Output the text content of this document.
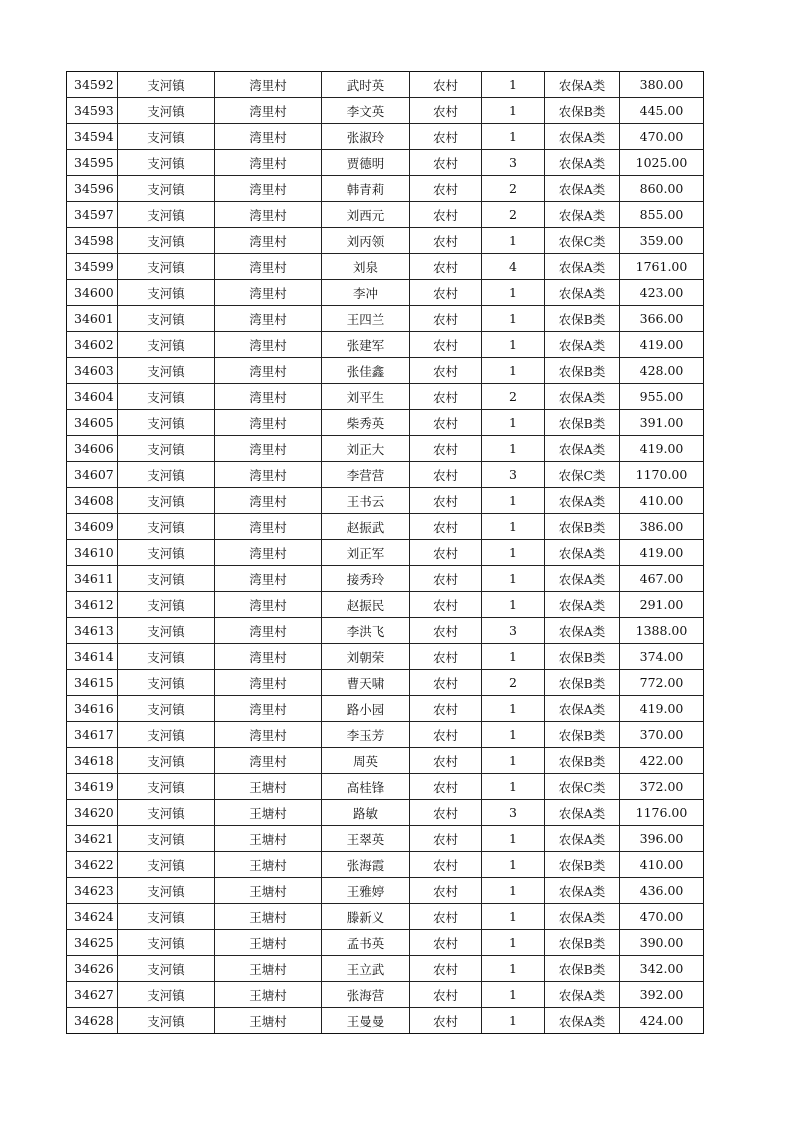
34592	支河镇	湾里村	武时英	农村	1	农保A类	380.00
34593	支河镇	湾里村	李文英	农村	1	农保B类	445.00
34594	支河镇	湾里村	张淑玲	农村	1	农保A类	470.00
34595	支河镇	湾里村	贾德明	农村	3	农保A类	1025.00
34596	支河镇	湾里村	韩青莉	农村	2	农保A类	860.00
34597	支河镇	湾里村	刘西元	农村	2	农保A类	855.00
34598	支河镇	湾里村	刘丙领	农村	1	农保C类	359.00
34599	支河镇	湾里村	刘泉	农村	4	农保A类	1761.00
34600	支河镇	湾里村	李冲	农村	1	农保A类	423.00
34601	支河镇	湾里村	王四兰	农村	1	农保B类	366.00
34602	支河镇	湾里村	张建军	农村	1	农保A类	419.00
34603	支河镇	湾里村	张佳鑫	农村	1	农保B类	428.00
34604	支河镇	湾里村	刘平生	农村	2	农保A类	955.00
34605	支河镇	湾里村	柴秀英	农村	1	农保B类	391.00
34606	支河镇	湾里村	刘正大	农村	1	农保A类	419.00
34607	支河镇	湾里村	李营营	农村	3	农保C类	1170.00
34608	支河镇	湾里村	王书云	农村	1	农保A类	410.00
34609	支河镇	湾里村	赵振武	农村	1	农保B类	386.00
34610	支河镇	湾里村	刘正军	农村	1	农保A类	419.00
34611	支河镇	湾里村	接秀玲	农村	1	农保A类	467.00
34612	支河镇	湾里村	赵振民	农村	1	农保A类	291.00
34613	支河镇	湾里村	李洪飞	农村	3	农保A类	1388.00
34614	支河镇	湾里村	刘朝荣	农村	1	农保B类	374.00
34615	支河镇	湾里村	曹天啸	农村	2	农保B类	772.00
34616	支河镇	湾里村	路小园	农村	1	农保A类	419.00
34617	支河镇	湾里村	李玉芳	农村	1	农保B类	370.00
34618	支河镇	湾里村	周英	农村	1	农保B类	422.00
34619	支河镇	王塘村	高桂锋	农村	1	农保C类	372.00
34620	支河镇	王塘村	路敏	农村	3	农保A类	1176.00
34621	支河镇	王塘村	王翠英	农村	1	农保A类	396.00
34622	支河镇	王塘村	张海霞	农村	1	农保B类	410.00
34623	支河镇	王塘村	王雅婷	农村	1	农保A类	436.00
34624	支河镇	王塘村	滕新义	农村	1	农保A类	470.00
34625	支河镇	王塘村	孟书英	农村	1	农保B类	390.00
34626	支河镇	王塘村	王立武	农村	1	农保B类	342.00
34627	支河镇	王塘村	张海营	农村	1	农保A类	392.00
34628	支河镇	王塘村	王曼曼	农村	1	农保A类	424.00
